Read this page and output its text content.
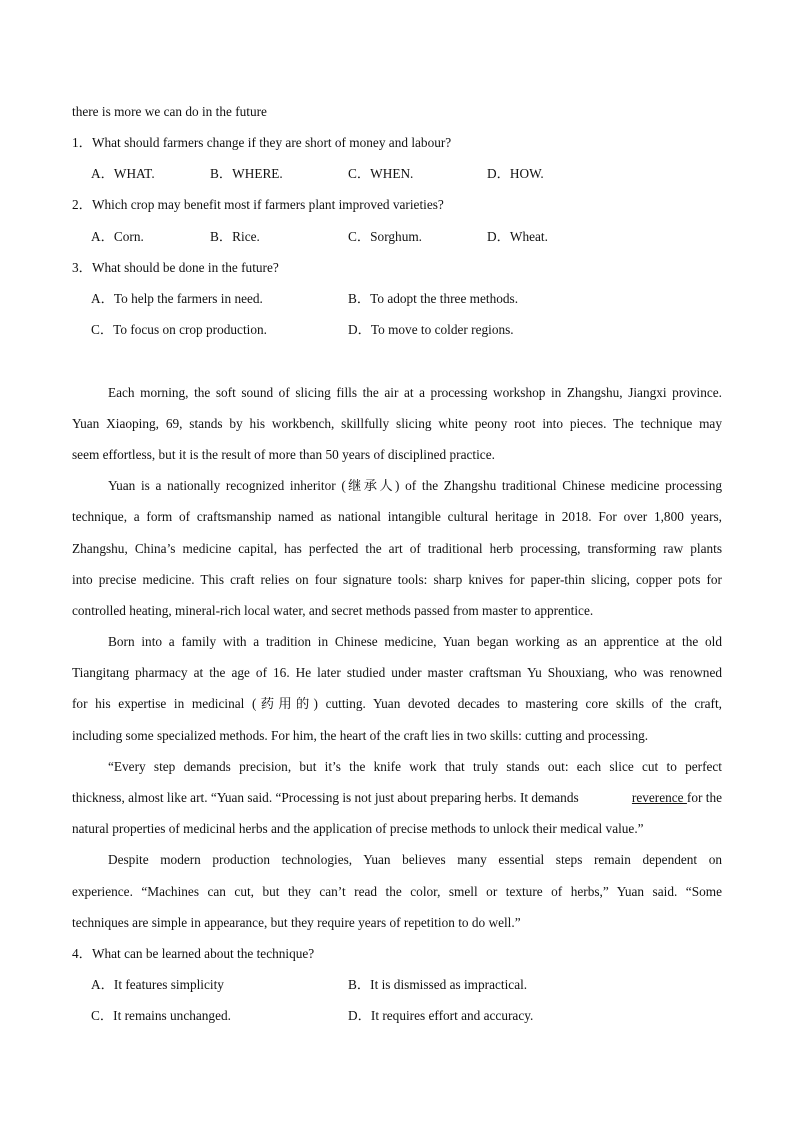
there is more we can do in the future
1．What should farmers change if they are short of money and labour?
A．WHAT.	B．WHERE.	C．WHEN.	D．HOW.
2．Which crop may benefit most if farmers plant improved varieties?
A．Corn.	B．Rice.	C．Sorghum.	D．Wheat.
3．What should be done in the future?
A．To help the farmers in need.	B．To adopt the three methods.
C．To focus on crop production.	D．To move to colder regions.
Each morning, the soft sound of slicing fills the air at a processing workshop in Zhangshu, Jiangxi province.
Yuan Xiaoping, 69, stands by his workbench, skillfully slicing white peony root into pieces. The technique may
seem effortless, but it is the result of more than 50 years of disciplined practice.
Yuan is a nationally recognized inheritor (继承人) of the Zhangshu traditional Chinese medicine processing
technique, a form of craftsmanship named as national intangible cultural heritage in 2018. For over 1,800 years,
Zhangshu, China’s medicine capital, has perfected the art of traditional herb processing, transforming raw plants
into precise medicine. This craft relies on four signature tools: sharp knives for paper-thin slicing, copper pots for
controlled heating, mineral-rich local water, and secret methods passed from master to apprentice.
Born into a family with a tradition in Chinese medicine, Yuan began working as an apprentice at the old
Tiangitang pharmacy at the age of 16. He later studied under master craftsman Yu Shouxiang, who was renowned
for his expertise in medicinal (药用的) cutting. Yuan devoted decades to mastering core skills of the craft,
including some specialized methods. For him, the heart of the craft lies in two skills: cutting and processing.
“Every step demands precision, but it’s the knife work that truly stands out: each slice cut to perfect
thickness, almost like art. “Yuan said. “Processing is not just about preparing herbs. It demands	reverence for the
natural properties of medicinal herbs and the application of precise methods to unlock their medical value.”
Despite modern production technologies, Yuan believes many essential steps remain dependent on
experience. “Machines can cut, but they can’t read the color, smell or texture of herbs,” Yuan said. “Some
techniques are simple in appearance, but they require years of repetition to do well.”
4．What can be learned about the technique?
A．It features simplicity	B．It is dismissed as impractical.
C．It remains unchanged.	D．It requires effort and accuracy.
